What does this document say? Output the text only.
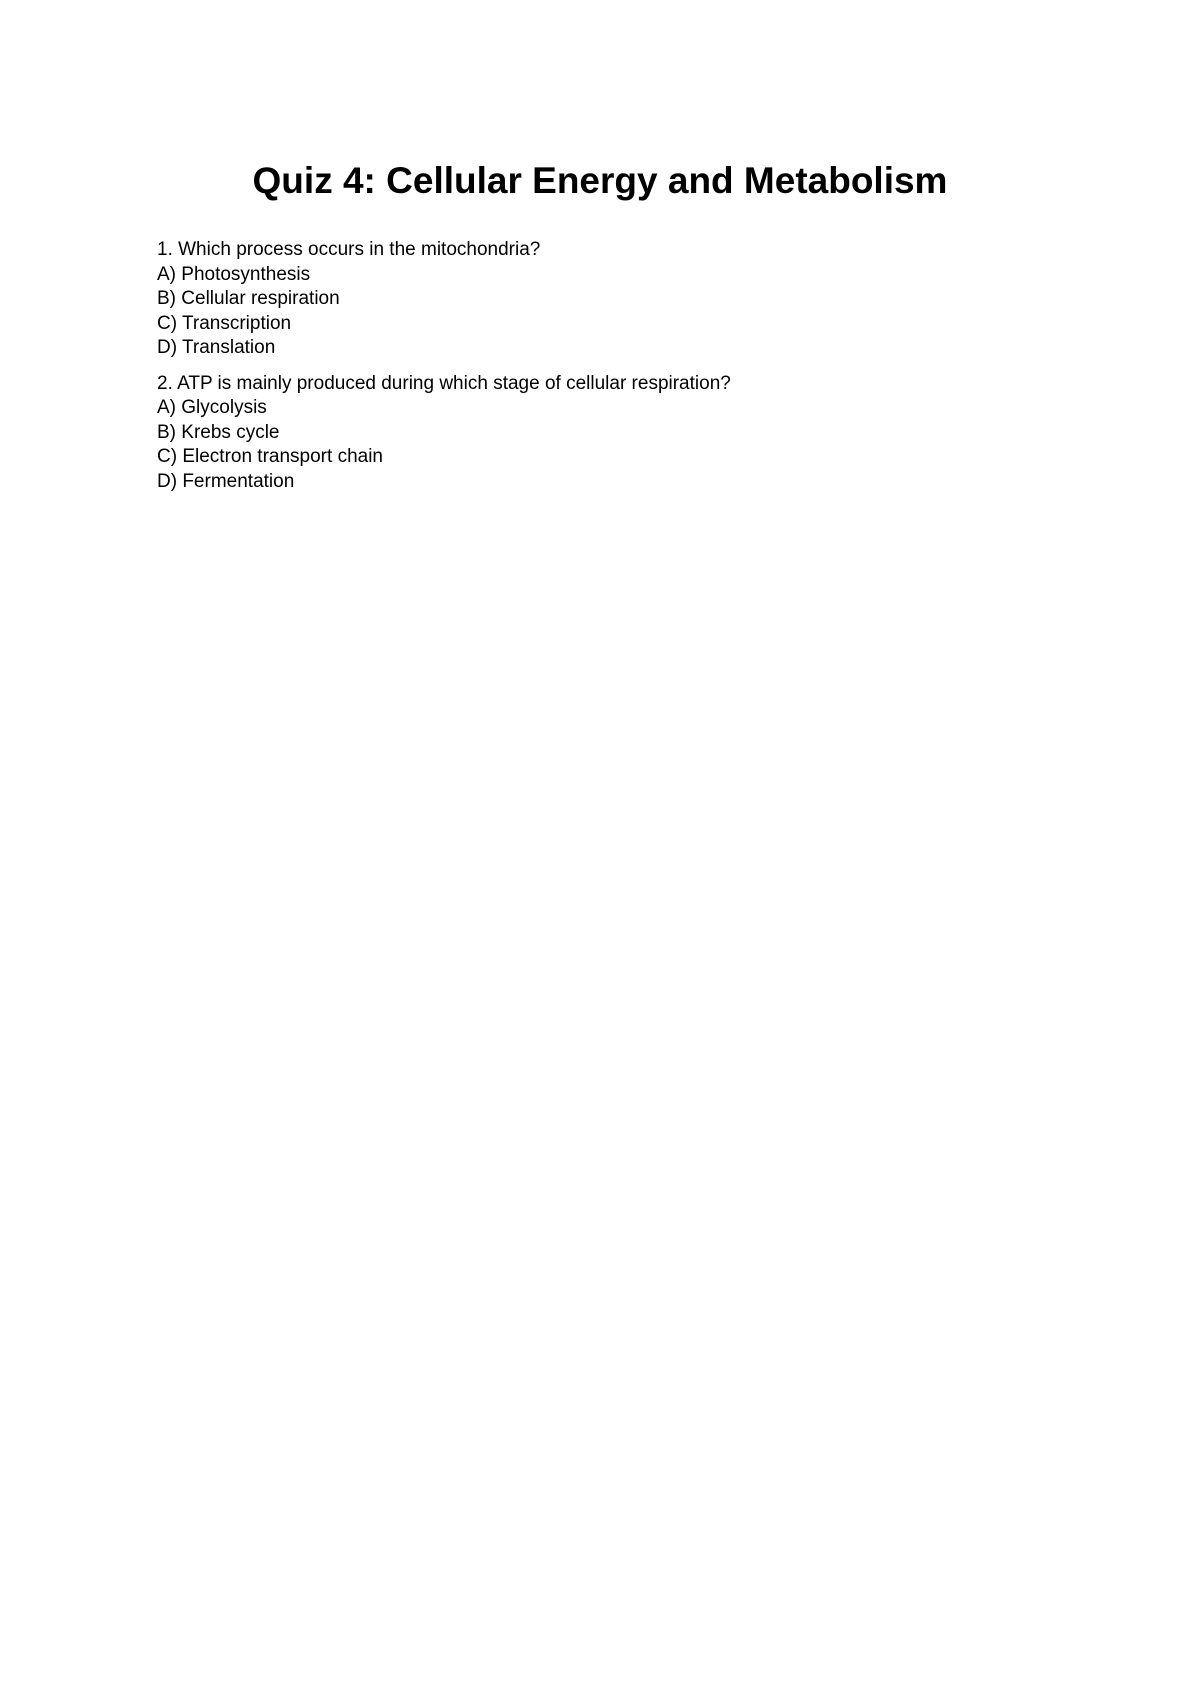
Quiz 4: Cellular Energy and Metabolism
1. Which process occurs in the mitochondria?
A) Photosynthesis
B) Cellular respiration
C) Transcription
D) Translation
2. ATP is mainly produced during which stage of cellular respiration?
A) Glycolysis
B) Krebs cycle
C) Electron transport chain
D) Fermentation
